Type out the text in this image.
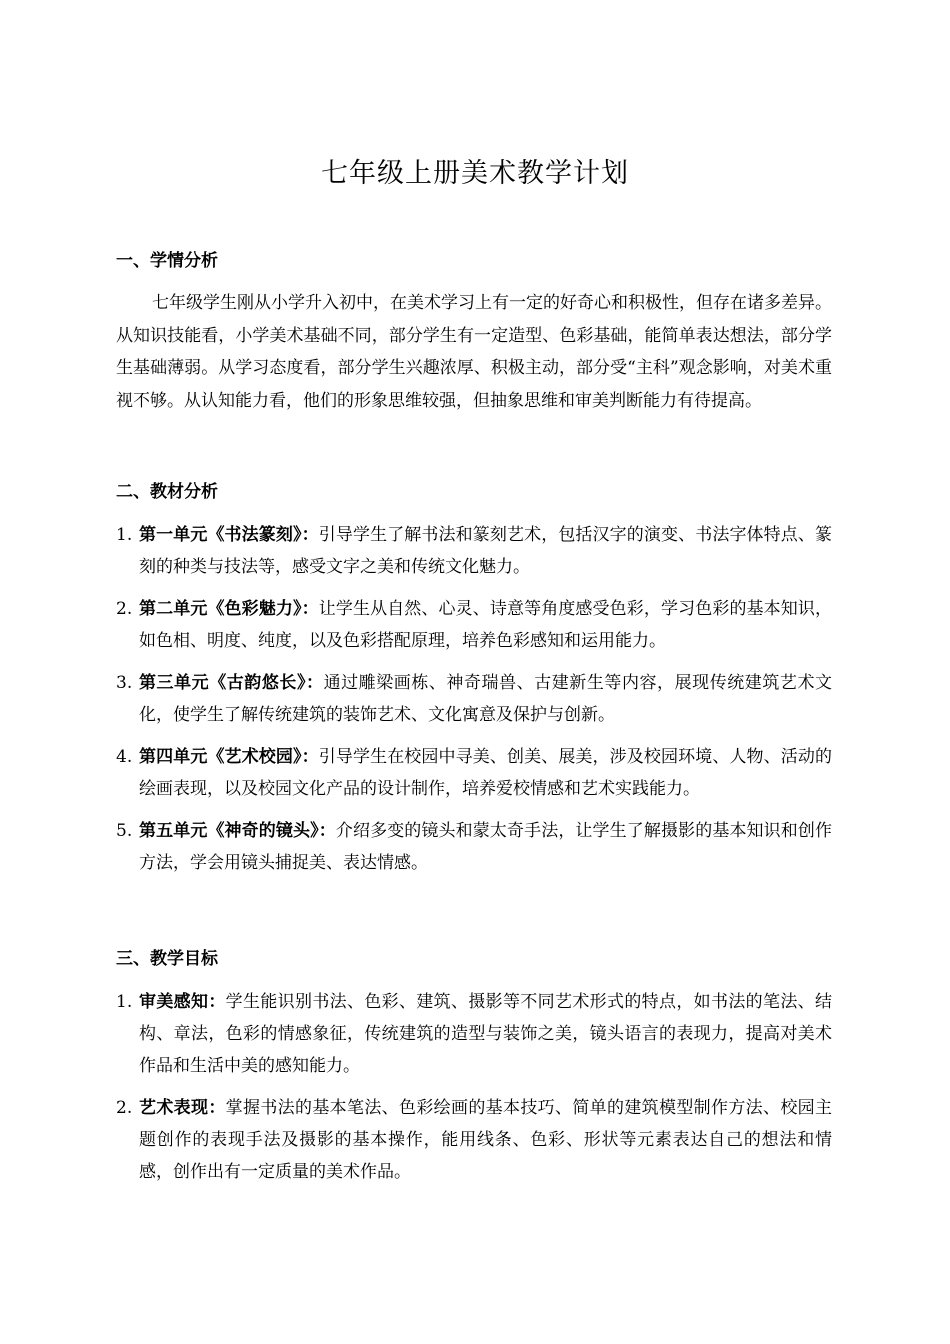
七年级上册美术教学计划
一、学情分析
七年级学生刚从小学升入初中，在美术学习上有一定的好奇心和积极性，但存在诸多差异。从知识技能看，小学美术基础不同，部分学生有一定造型、色彩基础，能简单表达想法，部分学生基础薄弱。从学习态度看，部分学生兴趣浓厚、积极主动，部分受“主科”观念影响，对美术重视不够。从认知能力看，他们的形象思维较强，但抽象思维和审美判断能力有待提高。
二、教材分析
1. 第一单元《书法篆刻》：引导学生了解书法和篆刻艺术，包括汉字的演变、书法字体特点、篆刻的种类与技法等，感受文字之美和传统文化魅力。
2. 第二单元《色彩魅力》：让学生从自然、心灵、诗意等角度感受色彩，学习色彩的基本知识，如色相、明度、纯度，以及色彩搭配原理，培养色彩感知和运用能力。
3. 第三单元《古韵悠长》：通过雕梁画栋、神奇瑞兽、古建新生等内容，展现传统建筑艺术文化，使学生了解传统建筑的装饰艺术、文化寓意及保护与创新。
4. 第四单元《艺术校园》：引导学生在校园中寻美、创美、展美，涉及校园环境、人物、活动的绘画表现，以及校园文化产品的设计制作，培养爱校情感和艺术实践能力。
5. 第五单元《神奇的镜头》：介绍多变的镜头和蒙太奇手法，让学生了解摄影的基本知识和创作方法，学会用镜头捕捉美、表达情感。
三、教学目标
1. 审美感知：学生能识别书法、色彩、建筑、摄影等不同艺术形式的特点，如书法的笔法、结构、章法，色彩的情感象征，传统建筑的造型与装饰之美，镜头语言的表现力，提高对美术作品和生活中美的感知能力。
2. 艺术表现：掌握书法的基本笔法、色彩绘画的基本技巧、简单的建筑模型制作方法、校园主题创作的表现手法及摄影的基本操作，能用线条、色彩、形状等元素表达自己的想法和情感，创作出有一定质量的美术作品。
